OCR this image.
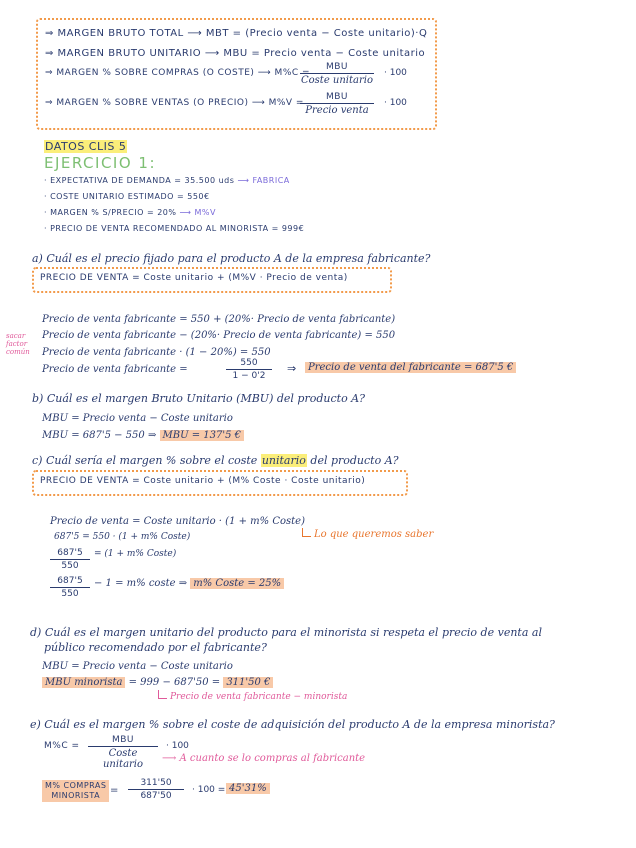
⇒ MARGEN BRUTO TOTAL ⟶ MBT = (Precio venta − Coste unitario)·Q
⇒ MARGEN BRUTO UNITARIO ⟶ MBU = Precio venta − Coste unitario
⇒ MARGEN % SOBRE COMPRAS (O COSTE) ⟶ M%C =
MBU
Coste unitario
· 100
⇒ MARGEN % SOBRE VENTAS (O PRECIO) ⟶ M%V =
MBU
Precio venta
· 100
DATOS CLIS 5
EJERCICIO 1:
· EXPECTATIVA DE DEMANDA = 35.500 uds ⟶ FABRICA
· COSTE UNITARIO ESTIMADO = 550€
· MARGEN % S/PRECIO = 20% ⟶ M%V
· PRECIO DE VENTA RECOMENDADO AL MINORISTA = 999€
a) Cuál es el precio fijado para el producto A de la empresa fabricante?
PRECIO DE VENTA = Coste unitario + (M%V · Precio de venta)
sacar factor común
Precio de venta fabricante = 550 + (20%· Precio de venta fabricante)
Precio de venta fabricante − (20%· Precio de venta fabricante) = 550
Precio de venta fabricante · (1 − 20%) = 550
Precio de venta fabricante =	$\frac{550}{1 - 0'2}$ ⇒	Precio de venta del fabricante = 687'5 €
b) Cuál es el margen Bruto Unitario (MBU) del producto A?
MBU = Precio venta − Coste unitario
MBU = 687'5 − 550 ⇒ MBU = 137'5 €
c) Cuál sería el margen % sobre el coste unitario del producto A?
PRECIO DE VENTA = Coste unitario + (M% Coste · Coste unitario)
Precio de venta = Coste unitario · (1 + m% Coste)
Lo que queremos saber
687'5 = 550 · (1 + m% Coste)
$\frac{687'5}{550} = (1 + m\%$ Coste)
$\frac{687'5}{550} - 1 = m\%$ coste ⇒ m% Coste = 25%
d) Cuál es el margen unitario del producto para el minorista si respeta el precio de venta al
público recomendado por el fabricante?
MBU = Precio venta − Coste unitario
MBU minorista = 999 − 687'50 = 311'50 €
Precio de venta fabricante − minorista
e) Cuál es el margen % sobre el coste de adquisición del producto A de la empresa minorista?
M%C =
MBU
Coste unitario
· 100
⟶ A cuanto se lo compras al fabricante
M% COMPRAS
MINORISTA = $\frac{311'50}{687'50} \cdot 100 = 45'31\%$
